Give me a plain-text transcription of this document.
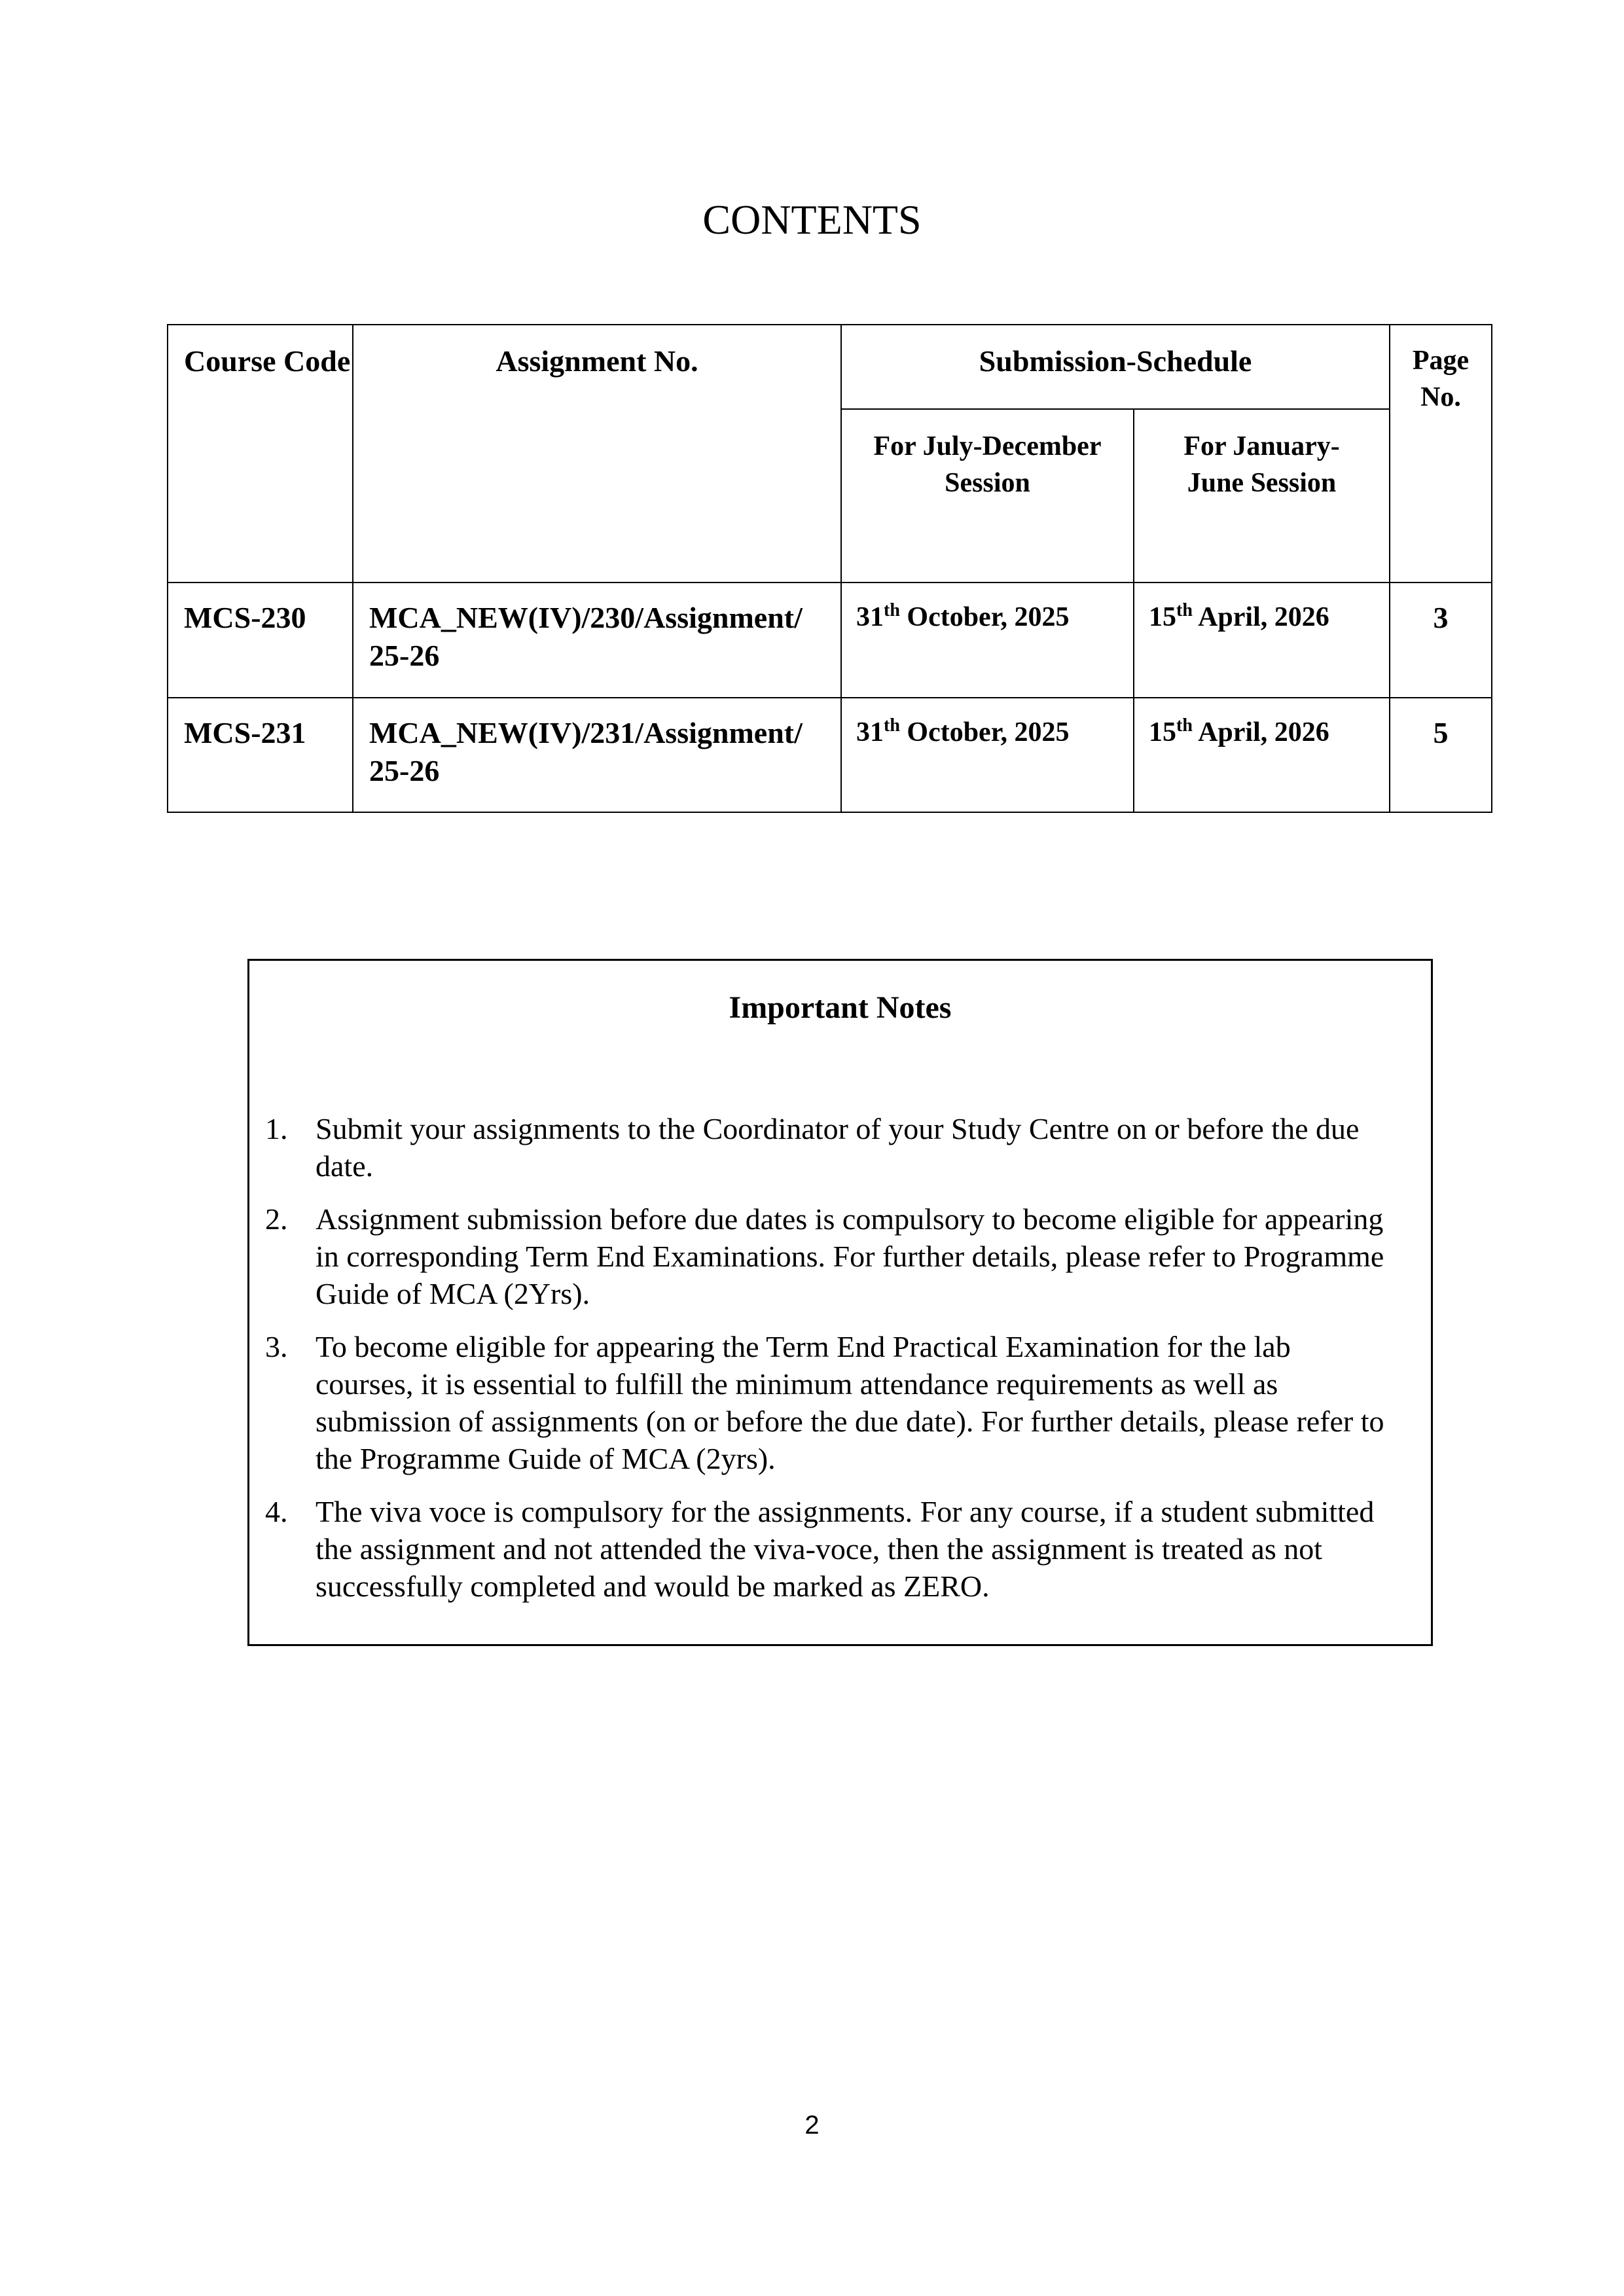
CONTENTS
Course Code	Assignment No.	Submission-Schedule		Page No.
		For July-December Session	For January-June Session	
MCS-230	MCA_NEW(IV)/230/Assignment/ 25-26	31th October, 2025	15th April, 2026	3
MCS-231	MCA_NEW(IV)/231/Assignment/ 25-26	31th October, 2025	15th April, 2026	5
Important Notes
1. Submit your assignments to the Coordinator of your Study Centre on or before the due date.
2. Assignment submission before due dates is compulsory to become eligible for appearing in corresponding Term End Examinations. For further details, please refer to Programme Guide of MCA (2Yrs).
3. To become eligible for appearing the Term End Practical Examination for the lab courses, it is essential to fulfill the minimum attendance requirements as well as submission of assignments (on or before the due date). For further details, please refer to the Programme Guide of MCA (2yrs).
4. The viva voce is compulsory for the assignments. For any course, if a student submitted the assignment and not attended the viva-voce, then the assignment is treated as not successfully completed and would be marked as ZERO.
2
